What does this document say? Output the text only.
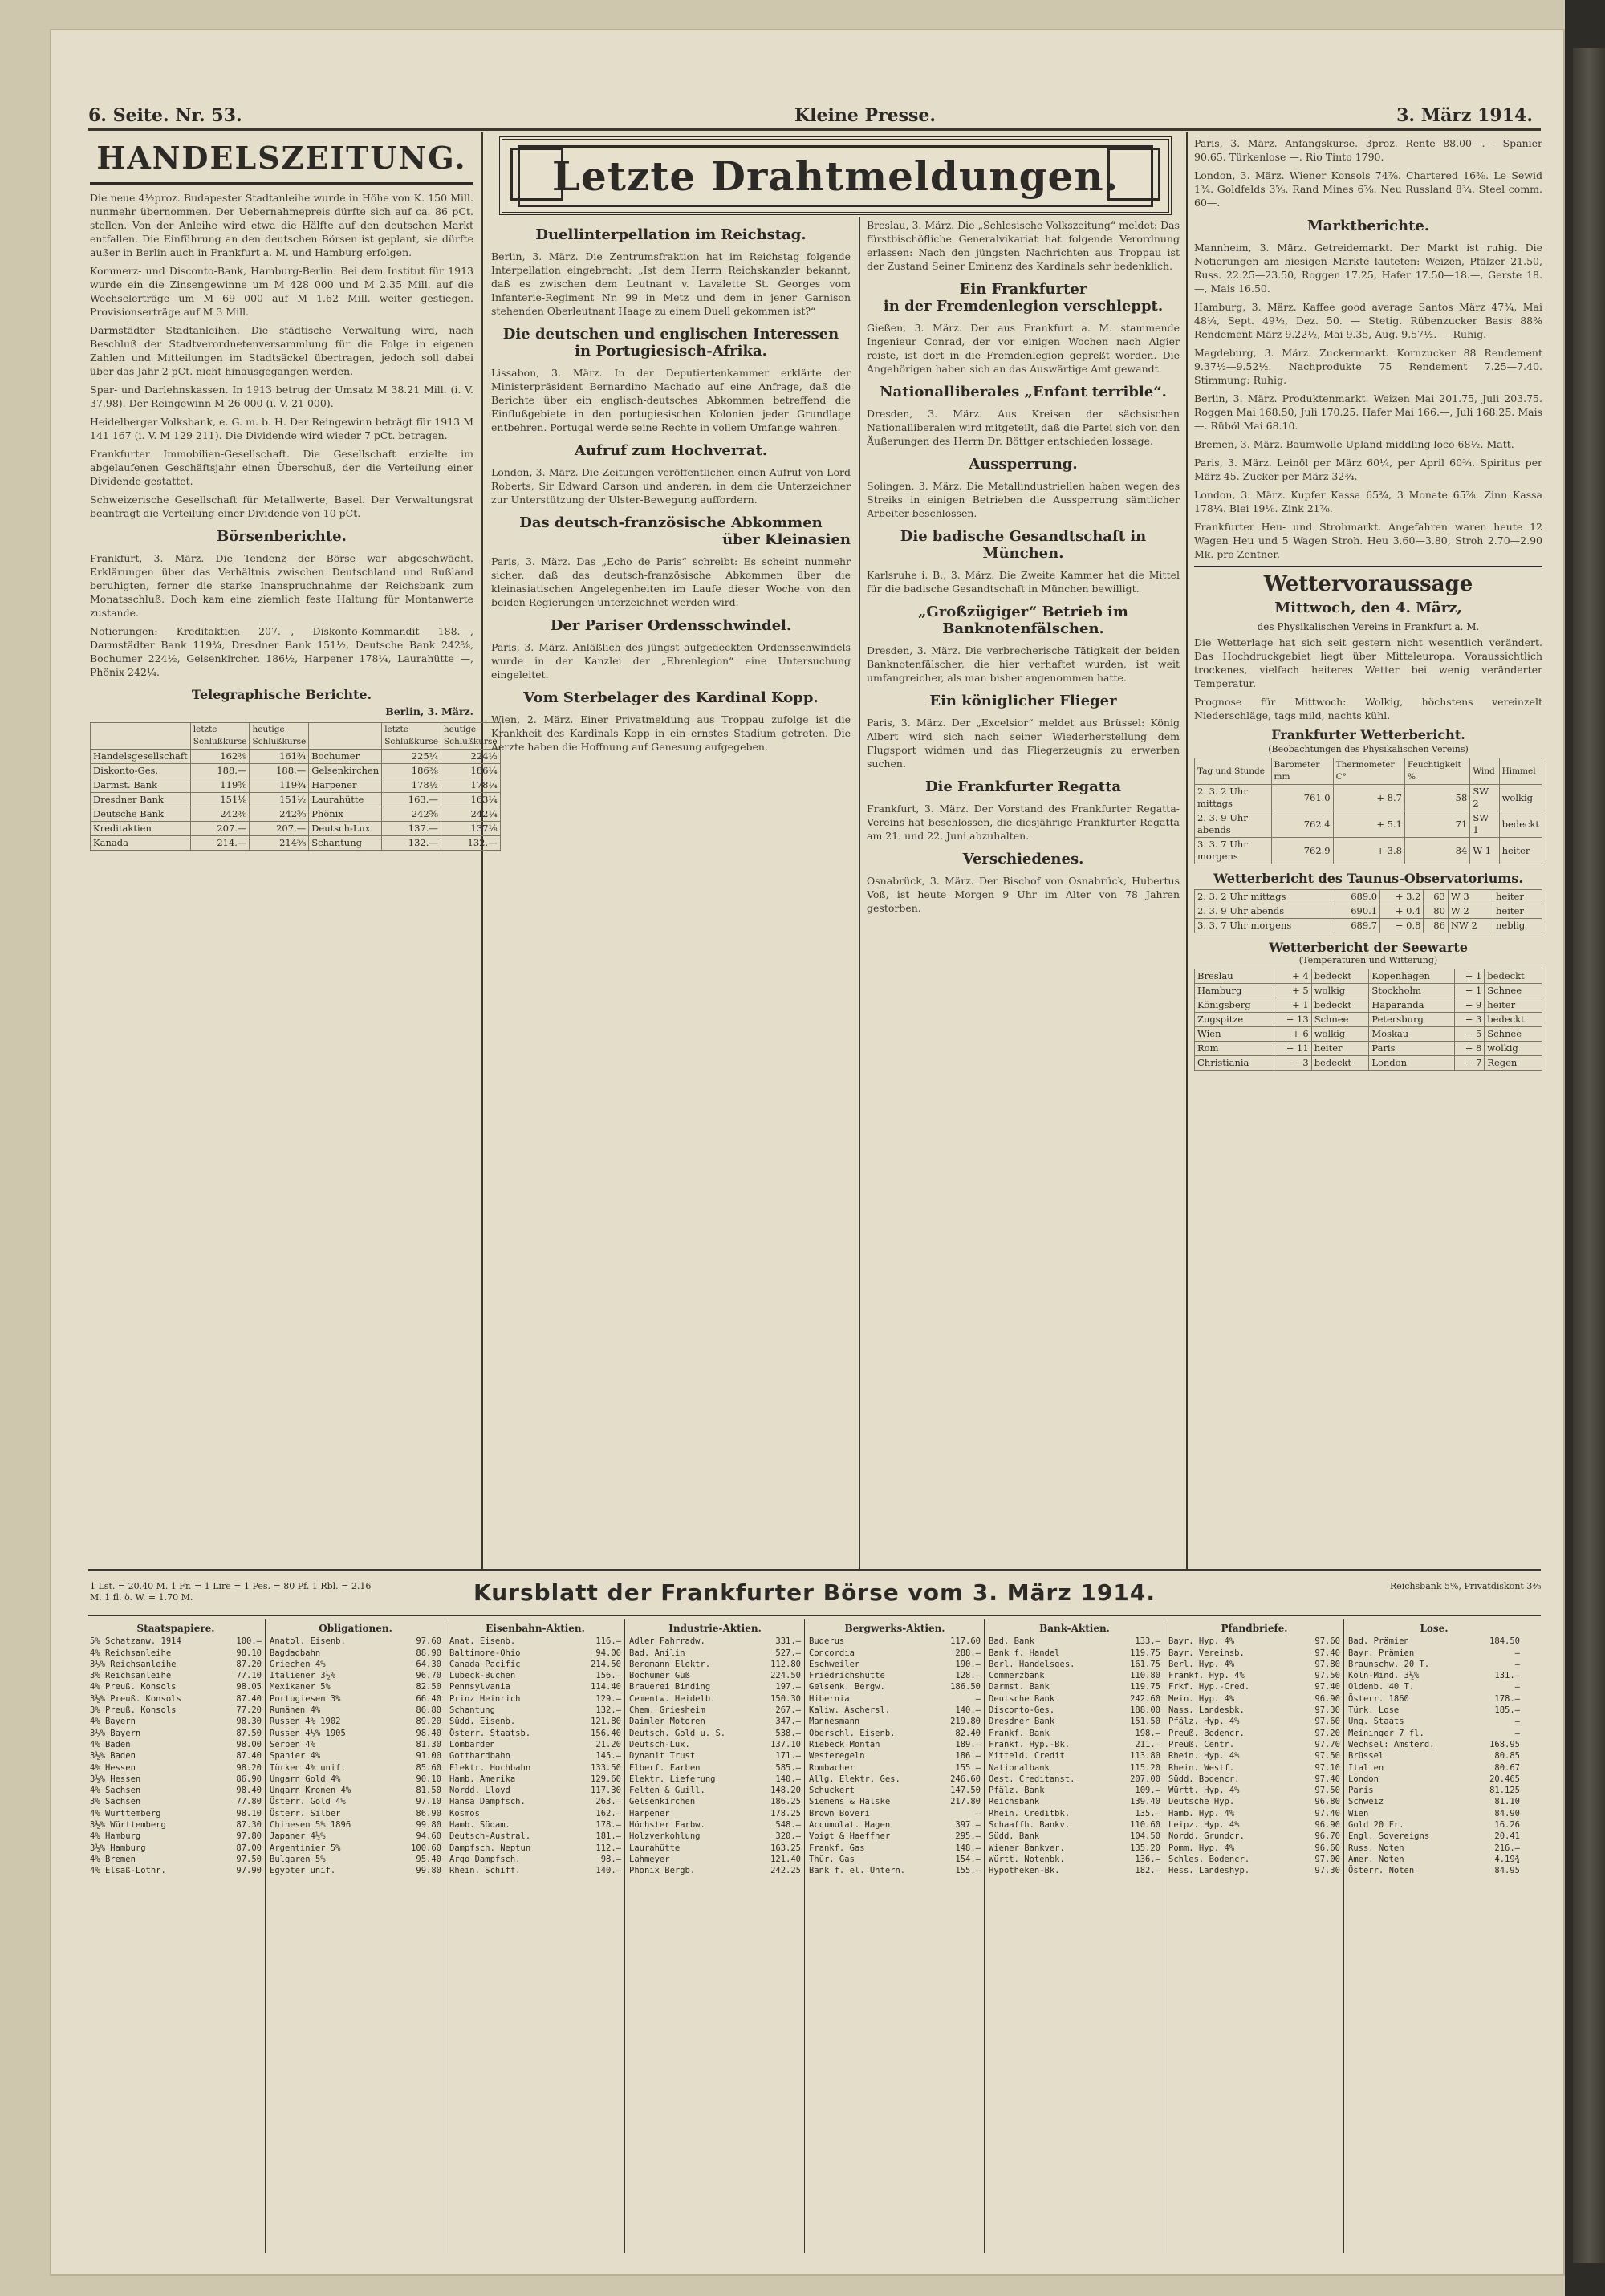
6. Seite. Nr. 53.	Kleine Presse.	3. März 1914.
HANDELSZEITUNG.

Die neue 4½proz. Budapester Stadtanleihe wurde in Höhe von K. 150 Mill. nunmehr übernommen. Der Uebernahmepreis dürfte sich auf ca. 86 pCt. stellen. Von der Anleihe wird etwa die Hälfte auf den deutschen Markt entfallen. Die Einführung an den deutschen Börsen ist geplant, sie dürfte außer in Berlin auch in Frankfurt a. M. und Hamburg erfolgen.

Kommerz- und Disconto-Bank, Hamburg-Berlin. Bei dem Institut für 1913 wurde ein die Zinsengewinne um M 428 000 und M 2.35 Mill. auf die Wechselerträge um M 69 000 auf M 1.62 Mill. weiter gestiegen. Provisionserträge auf M 3 Mill.

Darmstädter Stadtanleihen. Die städtische Verwaltung wird, nach Beschluß der Stadtverordnetenversammlung für die Folge in eigenen Zahlen und Mitteilungen im Stadtsäckel übertragen, jedoch soll dabei über das Jahr 2 pCt. nicht hinausgegangen werden.

Spar- und Darlehnskassen. In 1913 betrug der Umsatz M 38.21 Mill. (i. V. 37.98). Der Reingewinn M 26 000 (i. V. 21 000).

Heidelberger Volksbank, e. G. m. b. H. Der Reingewinn beträgt für 1913 M 141 167 (i. V. M 129 211). Die Dividende wird wieder 7 pCt. betragen.

Frankfurter Immobilien-Gesellschaft. Die Gesellschaft erzielte im abgelaufenen Geschäftsjahr einen Überschuß, der die Verteilung einer Dividende gestattet.

Schweizerische Gesellschaft für Metallwerte, Basel. Der Verwaltungsrat beantragt die Verteilung einer Dividende von 10 pCt.

Börsenberichte.

Frankfurt, 3. März. Die Tendenz der Börse war abgeschwächt. Erklärungen über das Verhältnis zwischen Deutschland und Rußland beruhigten, ferner die starke Inanspruchnahme der Reichsbank zum Monatsschluß. Doch kam eine ziemlich feste Haltung für Montanwerte zustande.

Notierungen: Kreditaktien 207.—, Diskonto-Kommandit 188.—, Darmstädter Bank 119¾, Dresdner Bank 151½, Deutsche Bank 242⅝, Bochumer 224½, Gelsenkirchen 186½, Harpener 178¼, Laurahütte —, Phönix 242¼.

Telegraphische Berichte.
Berlin, 3. März.
	letzte Schlußkurse	heutige Schlußkurse		letzte Schlußkurse	heutige Schlußkurse
Handelsgesellschaft	162⅜	161¾	Bochumer	225¼	224½
Diskonto-Ges.	188.—	188.—	Gelsenkirchen	186⅜	186¼
Darmst. Bank	119⅝	119¾	Harpener	178½	178¼
Dresdner Bank	151⅛	151½	Laurahütte	163.—	163¼
Deutsche Bank	242⅜	242⅝	Phönix	242⅝	242¼
Kreditaktien	207.—	207.—	Deutsch-Lux.	137.—	137⅛
Kanada	214.—	214⅝	Schantung	132.—	132.—
Letzte Drahtmeldungen.
Duellinterpellation im Reichstag.

Berlin, 3. März. Die Zentrumsfraktion hat im Reichstag folgende Interpellation eingebracht: „Ist dem Herrn Reichskanzler bekannt, daß es zwischen dem Leutnant v. Lavalette St. Georges vom Infanterie-Regiment Nr. 99 in Metz und dem in jener Garnison stehenden Oberleutnant Haage zu einem Duell gekommen ist?“

Die deutschen und englischen Interessen
in Portugiesisch-Afrika.

Lissabon, 3. März. In der Deputiertenkammer erklärte der Ministerpräsident Bernardino Machado auf eine Anfrage, daß die Berichte über ein englisch-deutsches Abkommen betreffend die Einflußgebiete in den portugiesischen Kolonien jeder Grundlage entbehren. Portugal werde seine Rechte in vollem Umfange wahren.

Aufruf zum Hochverrat.

London, 3. März. Die Zeitungen veröffentlichen einen Aufruf von Lord Roberts, Sir Edward Carson und anderen, in dem die Unterzeichner zur Unterstützung der Ulster-Bewegung auffordern.

Das deutsch-französische Abkommen
über Kleinasien

Paris, 3. März. Das „Echo de Paris“ schreibt: Es scheint nunmehr sicher, daß das deutsch-französische Abkommen über die kleinasiatischen Angelegenheiten im Laufe dieser Woche von den beiden Regierungen unterzeichnet werden wird.

Der Pariser Ordensschwindel.

Paris, 3. März. Anläßlich des jüngst aufgedeckten Ordensschwindels wurde in der Kanzlei der „Ehrenlegion“ eine Untersuchung eingeleitet.

Vom Sterbelager des Kardinal Kopp.

Wien, 2. März. Einer Privatmeldung aus Troppau zufolge ist die Krankheit des Kardinals Kopp in ein ernstes Stadium getreten. Die Aerzte haben die Hoffnung auf Genesung aufgegeben.

Breslau, 3. März. Die „Schlesische Volkszeitung“ meldet: Das fürstbischöfliche Generalvikariat hat folgende Verordnung erlassen: Nach den jüngsten Nachrichten aus Troppau ist der Zustand Seiner Eminenz des Kardinals sehr bedenklich.

Ein Frankfurter
in der Fremdenlegion verschleppt.

Gießen, 3. März. Der aus Frankfurt a. M. stammende Ingenieur Conrad, der vor einigen Wochen nach Algier reiste, ist dort in die Fremdenlegion gepreßt worden. Die Angehörigen haben sich an das Auswärtige Amt gewandt.

Nationalliberales „Enfant terrible“.

Dresden, 3. März. Aus Kreisen der sächsischen Nationalliberalen wird mitgeteilt, daß die Partei sich von den Äußerungen des Herrn Dr. Böttger entschieden lossage.

Aussperrung.

Solingen, 3. März. Die Metallindustriellen haben wegen des Streiks in einigen Betrieben die Aussperrung sämtlicher Arbeiter beschlossen.

Die badische Gesandtschaft in München.

Karlsruhe i. B., 3. März. Die Zweite Kammer hat die Mittel für die badische Gesandtschaft in München bewilligt.

„Großzügiger“ Betrieb im Banknotenfälschen.

Dresden, 3. März. Die verbrecherische Tätigkeit der beiden Banknotenfälscher, die hier verhaftet wurden, ist weit umfangreicher, als man bisher angenommen hatte.

Ein königlicher Flieger

Paris, 3. März. Der „Excelsior“ meldet aus Brüssel: König Albert wird sich nach seiner Wiederherstellung dem Flugsport widmen und das Fliegerzeugnis zu erwerben suchen.

Die Frankfurter Regatta

Frankfurt, 3. März. Der Vorstand des Frankfurter Regatta-Vereins hat beschlossen, die diesjährige Frankfurter Regatta am 21. und 22. Juni abzuhalten.

Verschiedenes.

Osnabrück, 3. März. Der Bischof von Osnabrück, Hubertus Voß, ist heute Morgen 9 Uhr im Alter von 78 Jahren gestorben.

Paris, 3. März. Anfangskurse. 3proz. Rente 88.00—.— Spanier 90.65. Türkenlose —. Rio Tinto 1790.

London, 3. März. Wiener Konsols 74⅞. Chartered 16⅜. Le Sewid 1¾. Goldfelds 3⅝. Rand Mines 6⅞. Neu Russland 8¾. Steel comm. 60—.

Marktberichte.

Mannheim, 3. März. Getreidemarkt. Der Markt ist ruhig. Die Notierungen am hiesigen Markte lauteten: Weizen, Pfälzer 21.50, Russ. 22.25—23.50, Roggen 17.25, Hafer 17.50—18.—, Gerste 18.—, Mais 16.50.

Hamburg, 3. März. Kaffee good average Santos März 47¾, Mai 48¼, Sept. 49½, Dez. 50. — Stetig. Rübenzucker Basis 88% Rendement März 9.22½, Mai 9.35, Aug. 9.57½. — Ruhig.

Magdeburg, 3. März. Zuckermarkt. Kornzucker 88 Rendement 9.37½—9.52½. Nachprodukte 75 Rendement 7.25—7.40. Stimmung: Ruhig.

Berlin, 3. März. Produktenmarkt. Weizen Mai 201.75, Juli 203.75. Roggen Mai 168.50, Juli 170.25. Hafer Mai 166.—, Juli 168.25. Mais —. Rüböl Mai 68.10.

Bremen, 3. März. Baumwolle Upland middling loco 68½. Matt.

Paris, 3. März. Leinöl per März 60¼, per April 60¾. Spiritus per März 45. Zucker per März 32¾.

London, 3. März. Kupfer Kassa 65¾, 3 Monate 65⅞. Zinn Kassa 178¼. Blei 19⅛. Zink 21⅞.

Frankfurter Heu- und Strohmarkt. Angefahren waren heute 12 Wagen Heu und 5 Wagen Stroh. Heu 3.60—3.80, Stroh 2.70—2.90 Mk. pro Zentner.

Wettervoraussage
Mittwoch, den 4. März,
des Physikalischen Vereins in Frankfurt a. M.

Die Wetterlage hat sich seit gestern nicht wesentlich verändert. Das Hochdruckgebiet liegt über Mitteleuropa. Voraussichtlich trockenes, vielfach heiteres Wetter bei wenig veränderter Temperatur.

Prognose für Mittwoch: Wolkig, höchstens vereinzelt Niederschläge, tags mild, nachts kühl.

Frankfurter Wetterbericht.
(Beobachtungen des Physikalischen Vereins)
Tag und Stunde	Barometer mm	Thermometer C°	Feuchtigkeit %	Wind	Himmel
2. 3. 2 Uhr mittags	761.0	+ 8.7	58	SW 2	wolkig
2. 3. 9 Uhr abends	762.4	+ 5.1	71	SW 1	bedeckt
3. 3. 7 Uhr morgens	762.9	+ 3.8	84	W 1	heiter
Wetterbericht des Taunus-Observatoriums.
2. 3. 2 Uhr mittags	689.0	+ 3.2	63	W 3	heiter
2. 3. 9 Uhr abends	690.1	+ 0.4	80	W 2	heiter
3. 3. 7 Uhr morgens	689.7	− 0.8	86	NW 2	neblig
Wetterbericht der Seewarte
(Temperaturen und Witterung)
Breslau	+ 4	bedeckt	Kopenhagen	+ 1	bedeckt
Hamburg	+ 5	wolkig	Stockholm	− 1	Schnee
Königsberg	+ 1	bedeckt	Haparanda	− 9	heiter
Zugspitze	− 13	Schnee	Petersburg	− 3	bedeckt
Wien	+ 6	wolkig	Moskau	− 5	Schnee
Rom	+ 11	heiter	Paris	+ 8	wolkig
Christiania	− 3	bedeckt	London	+ 7	Regen
1 Lst. = 20.40 M. 1 Fr. = 1 Lire = 1 Pes. = 80 Pf. 1 Rbl. = 2.16 M. 1 fl. ö. W. = 1.70 M.	Kursblatt der Frankfurter Börse vom 3. März 1914.	Reichsbank 5%, Privatdiskont 3⅜
Staatspapiere.
5% Schatzanw. 1914	100.—
4% Reichsanleihe	98.10
3½% Reichsanleihe	87.20
3% Reichsanleihe	77.10
4% Preuß. Konsols	98.05
3½% Preuß. Konsols	87.40
3% Preuß. Konsols	77.20
4% Bayern	98.30
3½% Bayern	87.50
4% Baden	98.00
3½% Baden	87.40
4% Hessen	98.20
3½% Hessen	86.90
4% Sachsen	98.40
3% Sachsen	77.80
4% Württemberg	98.10
3½% Württemberg	87.30
4% Hamburg	97.80
3½% Hamburg	87.00
4% Bremen	97.50
4% Elsaß-Lothr.	97.90
Obligationen.
Anatol. Eisenb.	97.60
Bagdadbahn	88.90
Griechen 4%	64.30
Italiener 3½%	96.70
Mexikaner 5%	82.50
Portugiesen 3%	66.40
Rumänen 4%	86.80
Russen 4% 1902	89.20
Russen 4½% 1905	98.40
Serben 4%	81.30
Spanier 4%	91.00
Türken 4% unif.	85.60
Ungarn Gold 4%	90.10
Ungarn Kronen 4%	81.50
Österr. Gold 4%	97.10
Österr. Silber	86.90
Chinesen 5% 1896	99.80
Japaner 4½%	94.60
Argentinier 5%	100.60
Bulgaren 5%	95.40
Egypter unif.	99.80
Eisenbahn-Aktien.
Anat. Eisenb.	116.—
Baltimore-Ohio	94.00
Canada Pacific	214.50
Lübeck-Büchen	156.—
Pennsylvania	114.40
Prinz Heinrich	129.—
Schantung	132.—
Südd. Eisenb.	121.80
Österr. Staatsb.	156.40
Lombarden	21.20
Gotthardbahn	145.—
Elektr. Hochbahn	133.50
Hamb. Amerika	129.60
Nordd. Lloyd	117.30
Hansa Dampfsch.	263.—
Kosmos	162.—
Hamb. Südam.	178.—
Deutsch-Austral.	181.—
Dampfsch. Neptun	112.—
Argo Dampfsch.	98.—
Rhein. Schiff.	140.—
Industrie-Aktien.
Adler Fahrradw.	331.—
Bad. Anilin	527.—
Bergmann Elektr.	112.80
Bochumer Guß	224.50
Brauerei Binding	197.—
Cementw. Heidelb.	150.30
Chem. Griesheim	267.—
Daimler Motoren	347.—
Deutsch. Gold u. S.	538.—
Deutsch-Lux.	137.10
Dynamit Trust	171.—
Elberf. Farben	585.—
Elektr. Lieferung	140.—
Felten & Guill.	148.20
Gelsenkirchen	186.25
Harpener	178.25
Höchster Farbw.	548.—
Holzverkohlung	320.—
Laurahütte	163.25
Lahmeyer	121.40
Phönix Bergb.	242.25
Bergwerks-Aktien.
Buderus	117.60
Concordia	288.—
Eschweiler	190.—
Friedrichshütte	128.—
Gelsenk. Bergw.	186.50
Hibernia	—
Kaliw. Aschersl.	140.—
Mannesmann	219.80
Oberschl. Eisenb.	82.40
Riebeck Montan	189.—
Westeregeln	186.—
Rombacher	155.—
Allg. Elektr. Ges.	246.60
Schuckert	147.50
Siemens & Halske	217.80
Brown Boveri	—
Accumulat. Hagen	397.—
Voigt & Haeffner	295.—
Frankf. Gas	148.—
Thür. Gas	154.—
Bank f. el. Untern.	155.—
Bank-Aktien.
Bad. Bank	133.—
Bank f. Handel	119.75
Berl. Handelsges.	161.75
Commerzbank	110.80
Darmst. Bank	119.75
Deutsche Bank	242.60
Disconto-Ges.	188.00
Dresdner Bank	151.50
Frankf. Bank	198.—
Frankf. Hyp.-Bk.	211.—
Mitteld. Credit	113.80
Nationalbank	115.20
Oest. Creditanst.	207.00
Pfälz. Bank	109.—
Reichsbank	139.40
Rhein. Creditbk.	135.—
Schaaffh. Bankv.	110.60
Südd. Bank	104.50
Wiener Bankver.	135.20
Württ. Notenbk.	136.—
Hypotheken-Bk.	182.—
Pfandbriefe.
Bayr. Hyp. 4%	97.60
Bayr. Vereinsb.	97.40
Berl. Hyp. 4%	97.80
Frankf. Hyp. 4%	97.50
Frkf. Hyp.-Cred.	97.40
Mein. Hyp. 4%	96.90
Nass. Landesbk.	97.30
Pfälz. Hyp. 4%	97.60
Preuß. Bodencr.	97.20
Preuß. Centr.	97.70
Rhein. Hyp. 4%	97.50
Rhein. Westf.	97.10
Südd. Bodencr.	97.40
Württ. Hyp. 4%	97.50
Deutsche Hyp.	96.80
Hamb. Hyp. 4%	97.40
Leipz. Hyp. 4%	96.90
Nordd. Grundcr.	96.70
Pomm. Hyp. 4%	96.60
Schles. Bodencr.	97.00
Hess. Landeshyp.	97.30
Lose.
Bad. Prämien	184.50
Bayr. Prämien	—
Braunschw. 20 T.	—
Köln-Mind. 3½%	131.—
Oldenb. 40 T.	—
Österr. 1860	178.—
Türk. Lose	185.—
Ung. Staats	—
Meininger 7 fl.	—
Wechsel: Amsterd.	168.95
Brüssel	80.85
Italien	80.67
London	20.465
Paris	81.125
Schweiz	81.10
Wien	84.90
Gold 20 Fr.	16.26
Engl. Sovereigns	20.41
Russ. Noten	216.—
Amer. Noten	4.19¾
Österr. Noten	84.95
